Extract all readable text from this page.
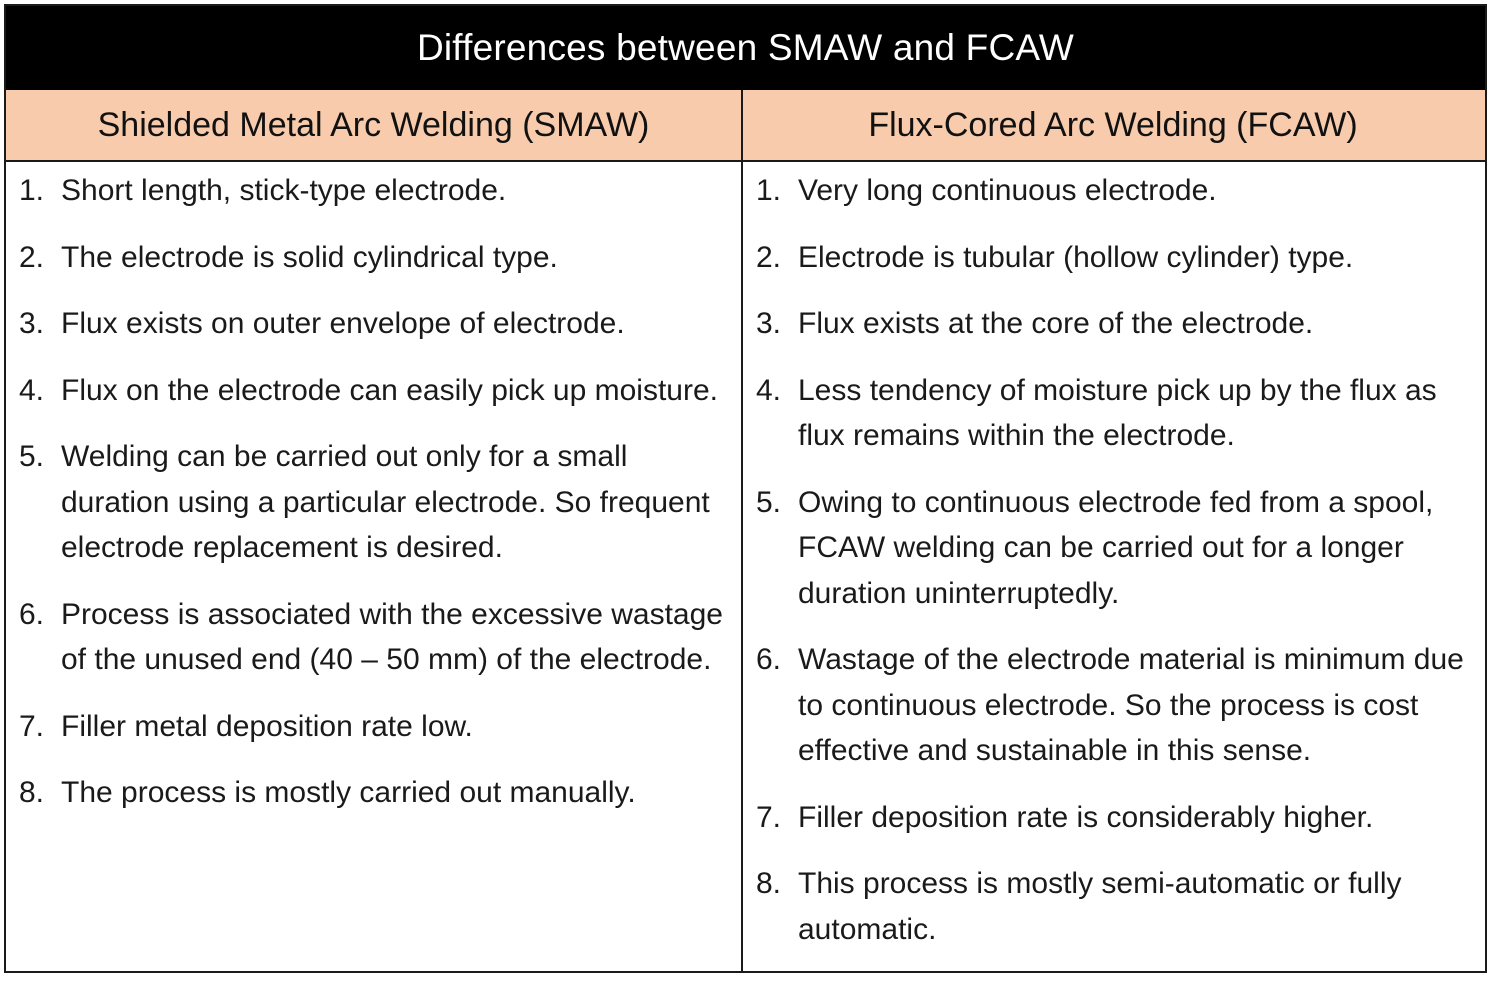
Differences between SMAW and FCAW
Shielded Metal Arc Welding (SMAW)	Flux-Cored Arc Welding (FCAW)
1. Short length, stick-type electrode.
2. The electrode is solid cylindrical type.
3. Flux exists on outer envelope of electrode.
4. Flux on the electrode can easily pick up moisture.
5. Welding can be carried out only for a small duration using a particular electrode. So frequent electrode replacement is desired.
6. Process is associated with the excessive wastage of the unused end (40 – 50 mm) of the electrode.
7. Filler metal deposition rate low.
8. The process is mostly carried out manually.
1. Very long continuous electrode.
2. Electrode is tubular (hollow cylinder) type.
3. Flux exists at the core of the electrode.
4. Less tendency of moisture pick up by the flux as flux remains within the electrode.
5. Owing to continuous electrode fed from a spool, FCAW welding can be carried out for a longer duration uninterruptedly.
6. Wastage of the electrode material is minimum due to continuous electrode. So the process is cost effective and sustainable in this sense.
7. Filler deposition rate is considerably higher.
8. This process is mostly semi-automatic or fully automatic.
